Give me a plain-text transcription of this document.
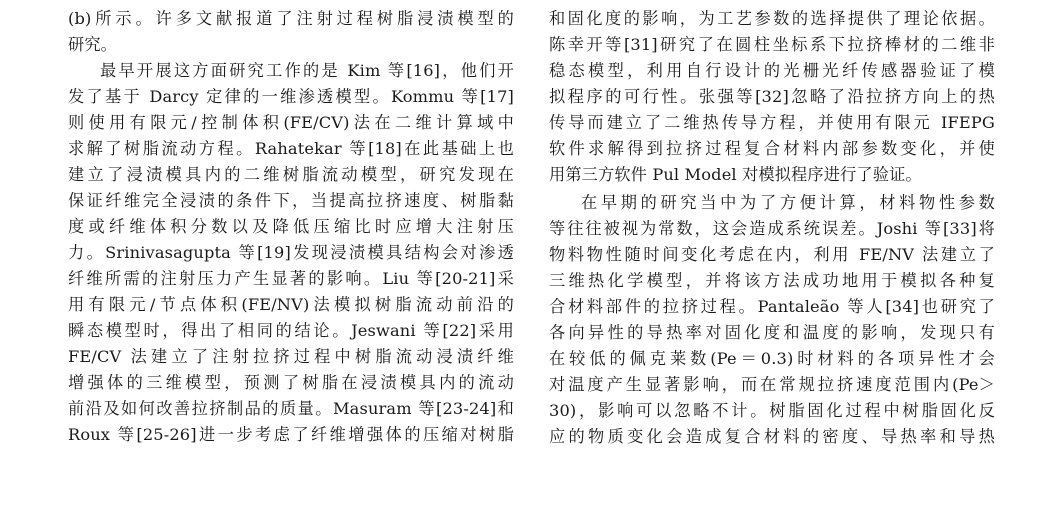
(b)所示。许多文献报道了注射过程树脂浸渍模型的
研究。
最早开展这方面研究工作的是 Kim 等[16]，他们开
发了基于 Darcy 定律的一维渗透模型。Kommu 等[17]
则使用有限元/控制体积(FE/CV)法在二维计算域中
求解了树脂流动方程。Rahatekar 等[18]在此基础上也
建立了浸渍模具内的二维树脂流动模型，研究发现在
保证纤维完全浸渍的条件下，当提高拉挤速度、树脂黏
度或纤维体积分数以及降低压缩比时应增大注射压
力。Srinivasagupta 等[19]发现浸渍模具结构会对渗透
纤维所需的注射压力产生显著的影响。Liu 等[20-21]采
用有限元/节点体积(FE/NV)法模拟树脂流动前沿的
瞬态模型时，得出了相同的结论。Jeswani 等[22]采用
FE/CV 法建立了注射拉挤过程中树脂流动浸渍纤维
增强体的三维模型，预测了树脂在浸渍模具内的流动
前沿及如何改善拉挤制品的质量。Masuram 等[23-24]和
Roux 等[25-26]进一步考虑了纤维增强体的压缩对树脂
和固化度的影响，为工艺参数的选择提供了理论依据。
陈幸开等[31]研究了在圆柱坐标系下拉挤棒材的二维非
稳态模型，利用自行设计的光栅光纤传感器验证了模
拟程序的可行性。张强等[32]忽略了沿拉挤方向上的热
传导而建立了二维热传导方程，并使用有限元 IFEPG
软件求解得到拉挤过程复合材料内部参数变化，并使
用第三方软件 Pul Model 对模拟程序进行了验证。
在早期的研究当中为了方便计算，材料物性参数
等往往被视为常数，这会造成系统误差。Joshi 等[33]将
物料物性随时间变化考虑在内，利用 FE/NV 法建立了
三维热化学模型，并将该方法成功地用于模拟各种复
合材料部件的拉挤过程。Pantaleão 等人[34]也研究了
各向异性的导热率对固化度和温度的影响，发现只有
在较低的佩克莱数(Pe＝0.3)时材料的各项异性才会
对温度产生显著影响，而在常规拉挤速度范围内(Pe＞
30)，影响可以忽略不计。树脂固化过程中树脂固化反
应的物质变化会造成复合材料的密度、导热率和导热
